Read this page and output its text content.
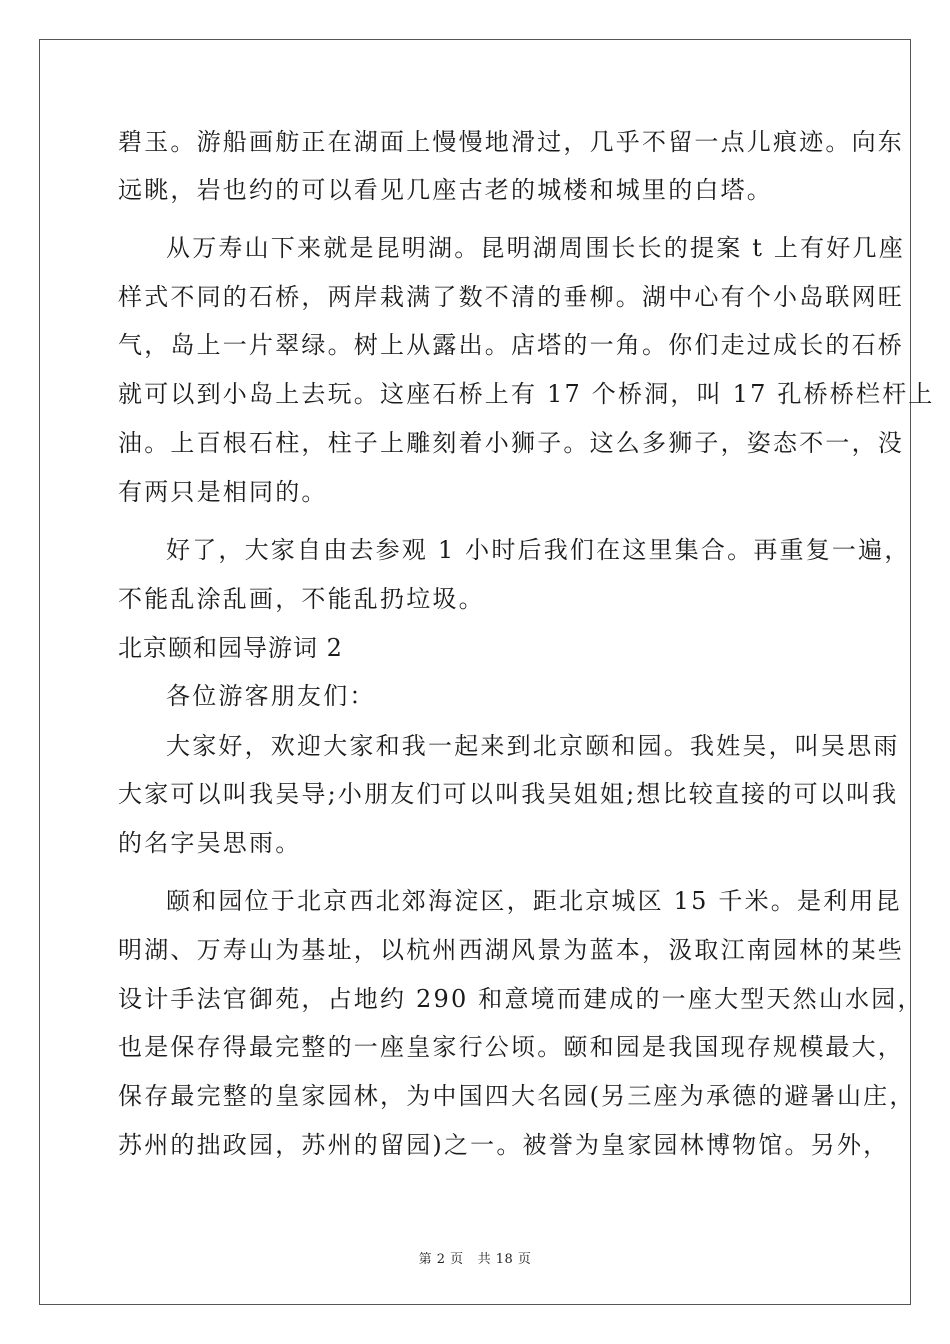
碧玉。游船画舫正在湖面上慢慢地滑过，几乎不留一点儿痕迹。向东
远眺，岩也约的可以看见几座古老的城楼和城里的白塔。
从万寿山下来就是昆明湖。昆明湖周围长长的提案 t 上有好几座
样式不同的石桥，两岸栽满了数不清的垂柳。湖中心有个小岛联网旺
气，岛上一片翠绿。树上从露出。店塔的一角。你们走过成长的石桥
就可以到小岛上去玩。这座石桥上有 17 个桥洞，叫 17 孔桥桥栏杆上
油。上百根石柱，柱子上雕刻着小狮子。这么多狮子，姿态不一，没
有两只是相同的。
好了，大家自由去参观 1 小时后我们在这里集合。再重复一遍，
不能乱涂乱画，不能乱扔垃圾。
北京颐和园导游词 2
各位游客朋友们：
大家好，欢迎大家和我一起来到北京颐和园。我姓吴，叫吴思雨
大家可以叫我吴导;小朋友们可以叫我吴姐姐;想比较直接的可以叫我
的名字吴思雨。
颐和园位于北京西北郊海淀区，距北京城区 15 千米。是利用昆
明湖、万寿山为基址，以杭州西湖风景为蓝本，汲取江南园林的某些
设计手法官御苑，占地约 290 和意境而建成的一座大型天然山水园，
也是保存得最完整的一座皇家行公顷。颐和园是我国现存规模最大，
保存最完整的皇家园林，为中国四大名园(另三座为承德的避暑山庄，
苏州的拙政园，苏州的留园)之一。被誉为皇家园林博物馆。另外，
第 2 页 共 18 页
